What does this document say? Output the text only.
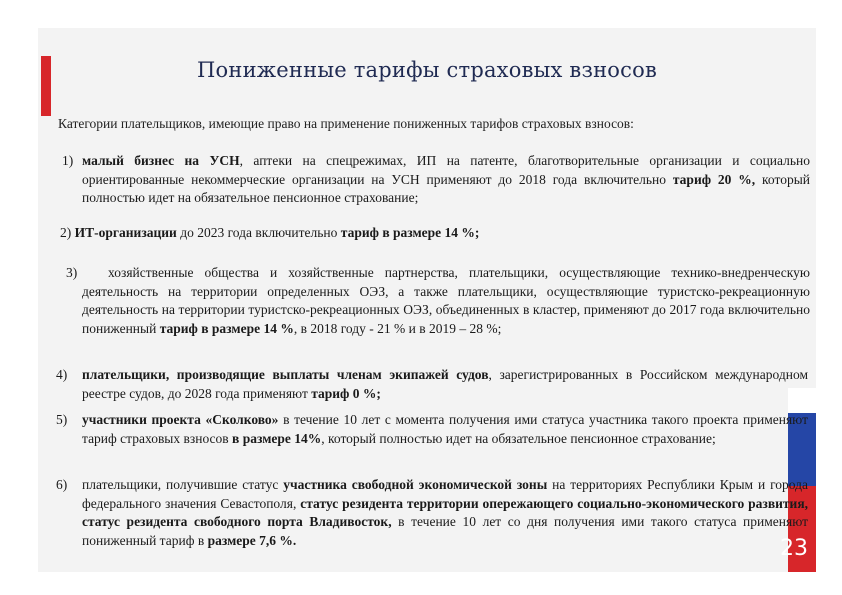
Пониженные тарифы страховых взносов
Категории плательщиков, имеющие право на применение пониженных тарифов страховых взносов:
1) малый бизнес на УСН, аптеки на спецрежимах, ИП на патенте, благотворительные организации и социально ориентированные некоммерческие организации на УСН применяют до 2018 года включительно тариф 20 %, который полностью идет на обязательное пенсионное страхование;
2) ИТ-организации до 2023 года включительно тариф в размере 14 %;
3)	хозяйственные общества и хозяйственные партнерства, плательщики, осуществляющие технико-внедренческую деятельность на территории определенных ОЭЗ, а также плательщики, осуществляющие туристско-рекреационную деятельность на территории туристско-рекреационных ОЭЗ, объединенных в кластер, применяют до 2017 года включительно пониженный тариф в размере 14 %, в 2018 году - 21 % и в 2019 – 28 %;
4) плательщики, производящие выплаты членам экипажей судов, зарегистрированных в Российском международном реестре судов, до 2028 года применяют тариф 0 %;
5) участники проекта «Сколково» в течение 10 лет с момента получения ими статуса участника такого проекта применяют тариф страховых взносов в размере 14%, который полностью идет на обязательное пенсионное страхование;
6) плательщики, получившие статус участника свободной экономической зоны на территориях Республики Крым и города федерального значения Севастополя, статус резидента территории опережающего социально-экономического развития, статус резидента свободного порта Владивосток, в течение 10 лет со дня получения ими такого статуса применяют пониженный тариф в размере 7,6 %.	23
